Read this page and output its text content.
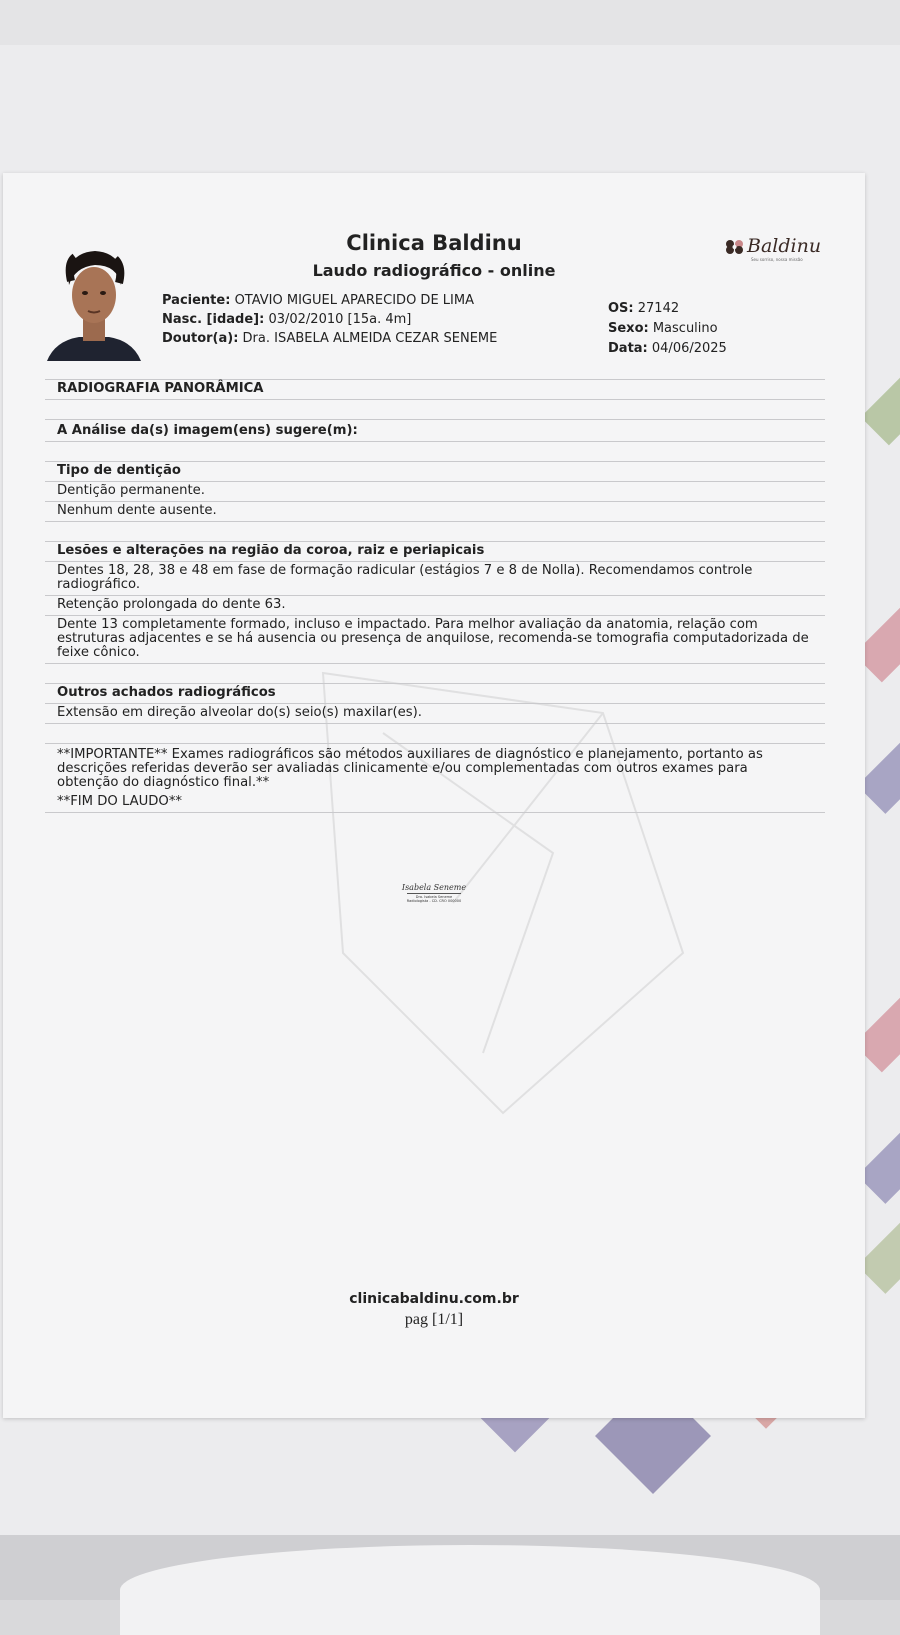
Clinica Baldinu
Laudo radiográfico - online
Baldinu
Seu sorriso, nossa missão
Paciente: OTAVIO MIGUEL APARECIDO DE LIMA
Nasc. [idade]: 03/02/2010 [15a. 4m]
Doutor(a): Dra. ISABELA ALMEIDA CEZAR SENEME
OS: 27142
Sexo: Masculino
Data: 04/06/2025
RADIOGRAFIA PANORÂMICA
A Análise da(s) imagem(ens) sugere(m):
Tipo de dentição
Dentição permanente.
Nenhum dente ausente.
Lesões e alterações na região da coroa, raiz e periapicais
Dentes 18, 28, 38 e 48 em fase de formação radicular (estágios 7 e 8 de Nolla). Recomendamos controle radiográfico.
Retenção prolongada do dente 63.
Dente 13 completamente formado, incluso e impactado. Para melhor avaliação da anatomia, relação com estruturas adjacentes e se há ausencia ou presença de anquilose, recomenda-se tomografia computadorizada de feixe cônico.
Outros achados radiográficos
Extensão em direção alveolar do(s) seio(s) maxilar(es).
**IMPORTANTE** Exames radiográficos são métodos auxiliares de diagnóstico e planejamento, portanto as descrições referidas deverão ser avaliadas clinicamente e/ou complementadas com outros exames para obtenção do diagnóstico final.**
**FIM DO LAUDO**
Isabela Seneme
Dra. Isabela Seneme
Radiologista - CD. CRO 000000
clinicabaldinu.com.br
pag [1/1]
